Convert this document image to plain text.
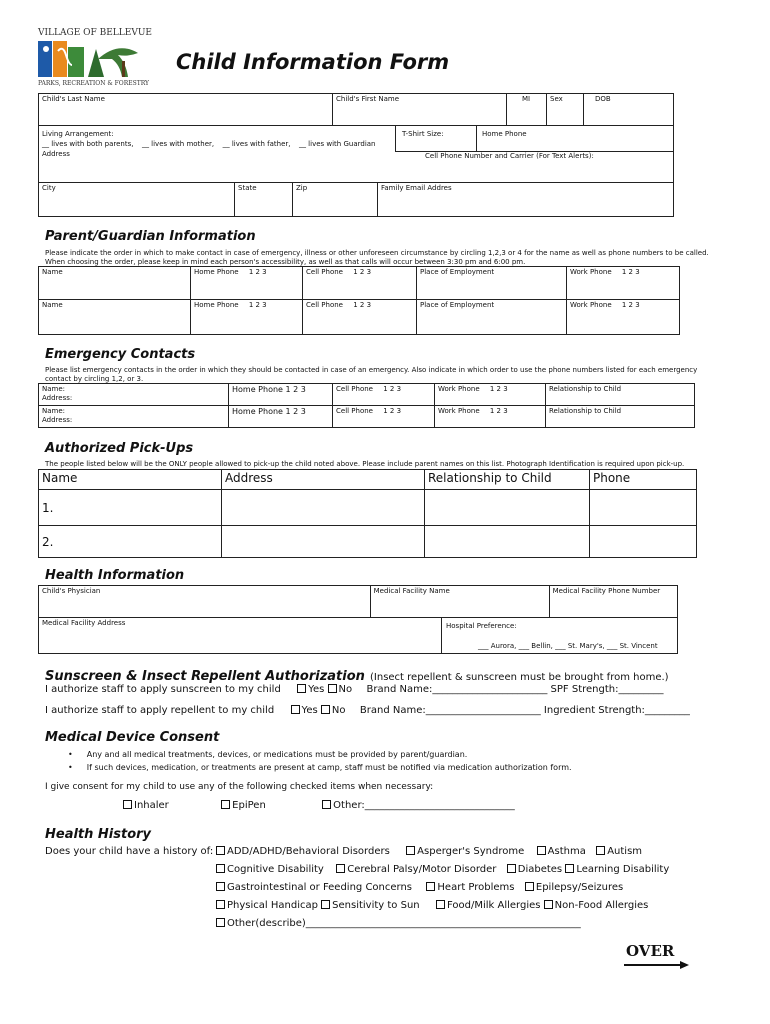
VILLAGE OF BELLEVUE
PARKS, RECREATION & FORESTRY
Child Information Form
Child's Last Name	Child's First Name	MI	Sex	DOB
Living Arrangement:
__ lives with both parents, __ lives with mother, __ lives with father, __ lives with Guardian
Address
T-Shirt Size:	Home Phone
Cell Phone Number and Carrier (For Text Alerts):
City	State	Zip	Family Email Addres
Parent/Guardian Information
Please indicate the order in which to make contact in case of emergency, illness or other unforeseen circumstance by circling 1,2,3 or 4 for the name as well as phone numbers to be called.
When choosing the order, please keep in mind each person's accessibility, as well as that calls will occur between 3:30 pm and 6:00 pm.
Name	Home Phone 1 2 3	Cell Phone 1 2 3	Place of Employment	Work Phone 1 2 3
Name	Home Phone 1 2 3	Cell Phone 1 2 3	Place of Employment	Work Phone 1 2 3
Emergency Contacts
Please list emergency contacts in the order in which they should be contacted in case of an emergency. Also indicate in which order to use the phone numbers listed for each emergency
contact by circling 1,2, or 3.
Name:
Address:	Home Phone 1 2 3	Cell Phone 1 2 3	Work Phone 1 2 3	Relationship to Child

Name:
Address:	Home Phone 1 2 3	Cell Phone 1 2 3	Work Phone 1 2 3	Relationship to Child
Authorized Pick-Ups
The people listed below will be the ONLY people allowed to pick-up the child noted above. Please include parent names on this list. Photograph Identification is required upon pick-up.
Name	Address	Relationship to Child	Phone
1.			
2.			
Health Information
Child's Physician	Medical Facility Name	Medical Facility Phone Number
Medical Facility Address			Hospital Preference:
___ Aurora, ___ Bellin, ___ St. Mary's, ___ St. Vincent
Sunscreen & Insect Repellent Authorization (Insect repellent & sunscreen must be brought from home.)
I authorize staff to apply sunscreen to my child	Yes No Brand Name:_______________________ SPF Strength:_________
I authorize staff to apply repellent to my child	Yes No Brand Name:_______________________ Ingredient Strength:_________
Medical Device Consent
• Any and all medical treatments, devices, or medications must be provided by parent/guardian.
• If such devices, medication, or treatments are present at camp, staff must be notified via medication authorization form.
I give consent for my child to use any of the following checked items when necessary:
Inhaler	EpiPen	Other:______________________________
Health History
Does your child have a history of:	ADD/ADHD/Behavioral Disorders	Asperger's Syndrome Asthma Autism
Cognitive Disability Cerebral Palsy/Motor Disorder Diabetes Learning Disability
Gastrointestinal or Feeding Concerns	Heart Problems Epilepsy/Seizures
Physical Handicap Sensitivity to Sun	Food/Milk Allergies Non-Food Allergies
Other(describe)_______________________________________________________
OVER
